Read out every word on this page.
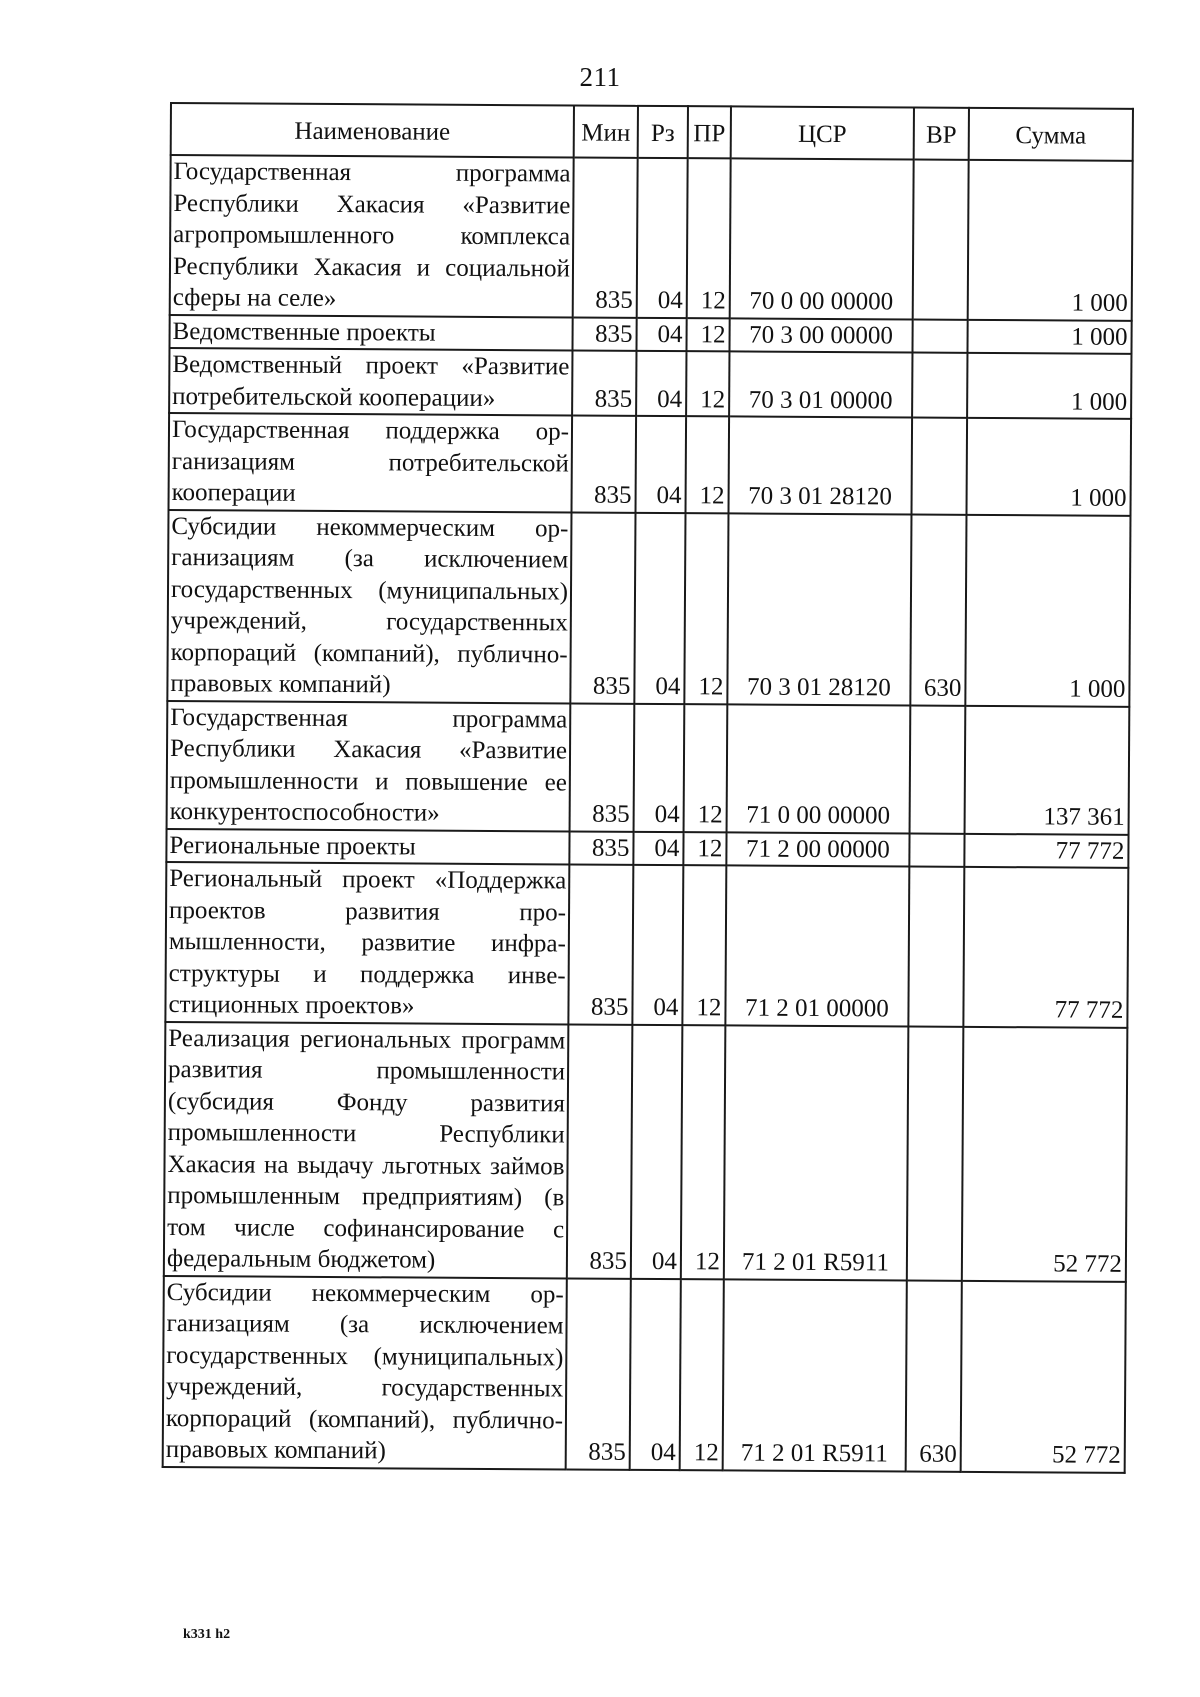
211
Наименование	Мин	Рз	ПР	ЦСР	ВР	Сумма
Государственная программа Республики Хакасия «Развитие агропромышленного комплекса Республики Хакасия и социальной сферы на селе»	835	04	12	70 0 00 00000		1 000
Ведомственные проекты	835	04	12	70 3 00 00000		1 000
Ведомственный проект «Развитие потребительской кооперации»	835	04	12	70 3 01 00000		1 000
Государственная поддержка организациям потребительской кооперации	835	04	12	70 3 01 28120		1 000
Субсидии некоммерческим организациям (за исключением государственных (муниципальных) учреждений, государственных корпораций (компаний), публично-правовых компаний)	835	04	12	70 3 01 28120	630	1 000
Государственная программа Республики Хакасия «Развитие промышленности и повышение ее конкурентоспособности»	835	04	12	71 0 00 00000		137 361
Региональные проекты	835	04	12	71 2 00 00000		77 772
Региональный проект «Поддержка проектов развития промышленности, развитие инфраструктуры и поддержка инвестиционных проектов»	835	04	12	71 2 01 00000		77 772
Реализация региональных программ развития промышленности (субсидия Фонду развития промышленности Республики Хакасия на выдачу льготных займов промышленным предприятиям) (в том числе софинансирование с федеральным бюджетом)	835	04	12	71 2 01 R5911		52 772
Субсидии некоммерческим организациям (за исключением государственных (муниципальных) учреждений, государственных корпораций (компаний), публично-правовых компаний)	835	04	12	71 2 01 R5911	630	52 772
k331 h2
